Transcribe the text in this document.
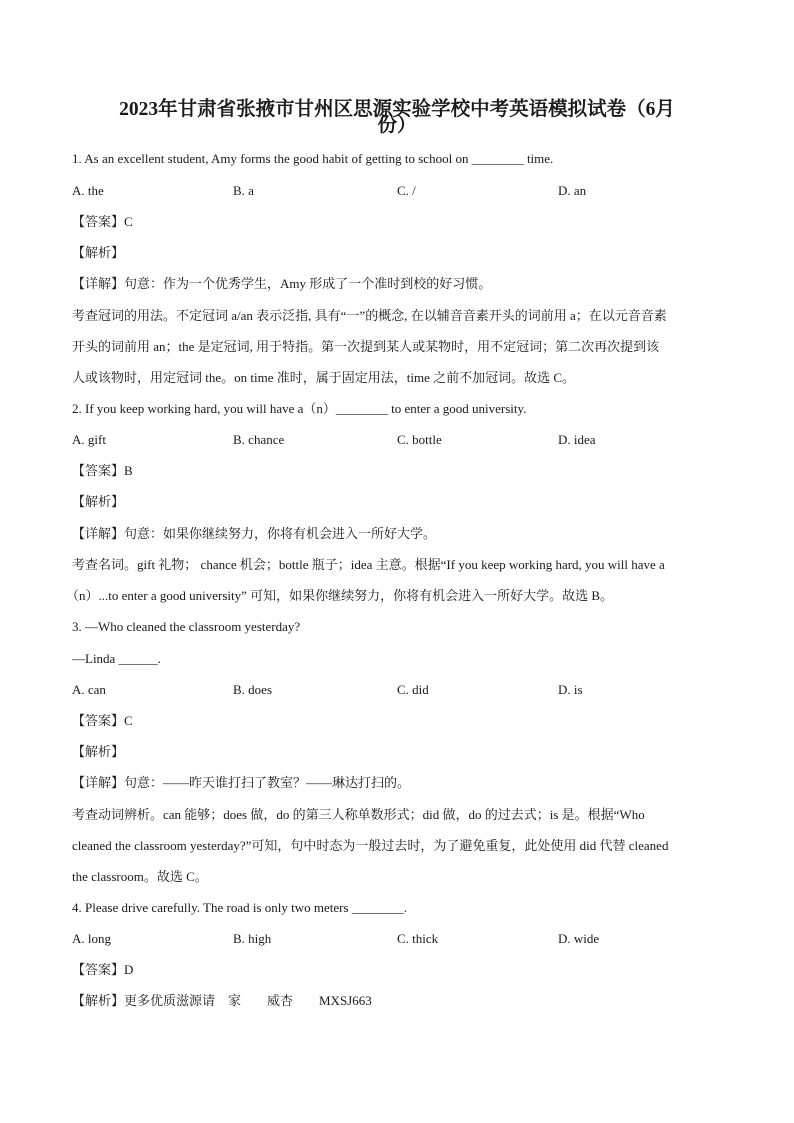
2023年甘肃省张掖市甘州区思源实验学校中考英语模拟试卷（6月
份）
1. As an excellent student, Amy forms the good habit of getting to school on ________ time.
A. the	B. a	C. /	D. an
【答案】C
【解析】
【详解】句意：作为一个优秀学生，Amy 形成了一个准时到校的好习惯。
考查冠词的用法。不定冠词 a/an 表示泛指, 具有“一”的概念, 在以辅音音素开头的词前用 a；在以元音音素
开头的词前用 an；the 是定冠词, 用于特指。第一次提到某人或某物时，用不定冠词；第二次再次提到该
人或该物时，用定冠词 the。on time 准时，属于固定用法，time 之前不加冠词。故选 C。
2. If you keep working hard, you will have a（n）________ to enter a good university.
A. gift	B. chance	C. bottle	D. idea
【答案】B
【解析】
【详解】句意：如果你继续努力，你将有机会进入一所好大学。
考查名词。gift 礼物； chance 机会；bottle 瓶子；idea 主意。根据“If you keep working hard, you will have a
（n）...to enter a good university” 可知，如果你继续努力，你将有机会进入一所好大学。故选 B。
3. —Who cleaned the classroom yesterday?
—Linda ______.
A. can	B. does	C. did	D. is
【答案】C
【解析】
【详解】句意：——昨天谁打扫了教室？——琳达打扫的。
考查动词辨析。can 能够；does 做，do 的第三人称单数形式；did 做，do 的过去式；is 是。根据“Who
cleaned the classroom yesterday?”可知，句中时态为一般过去时，为了避免重复，此处使用 did 代替 cleaned
the classroom。故选 C。
4. Please drive carefully. The road is only two meters ________.
A. long	B. high	C. thick	D. wide
【答案】D
【解析】更多优质滋源请　家　　威杏　　MXSJ663
